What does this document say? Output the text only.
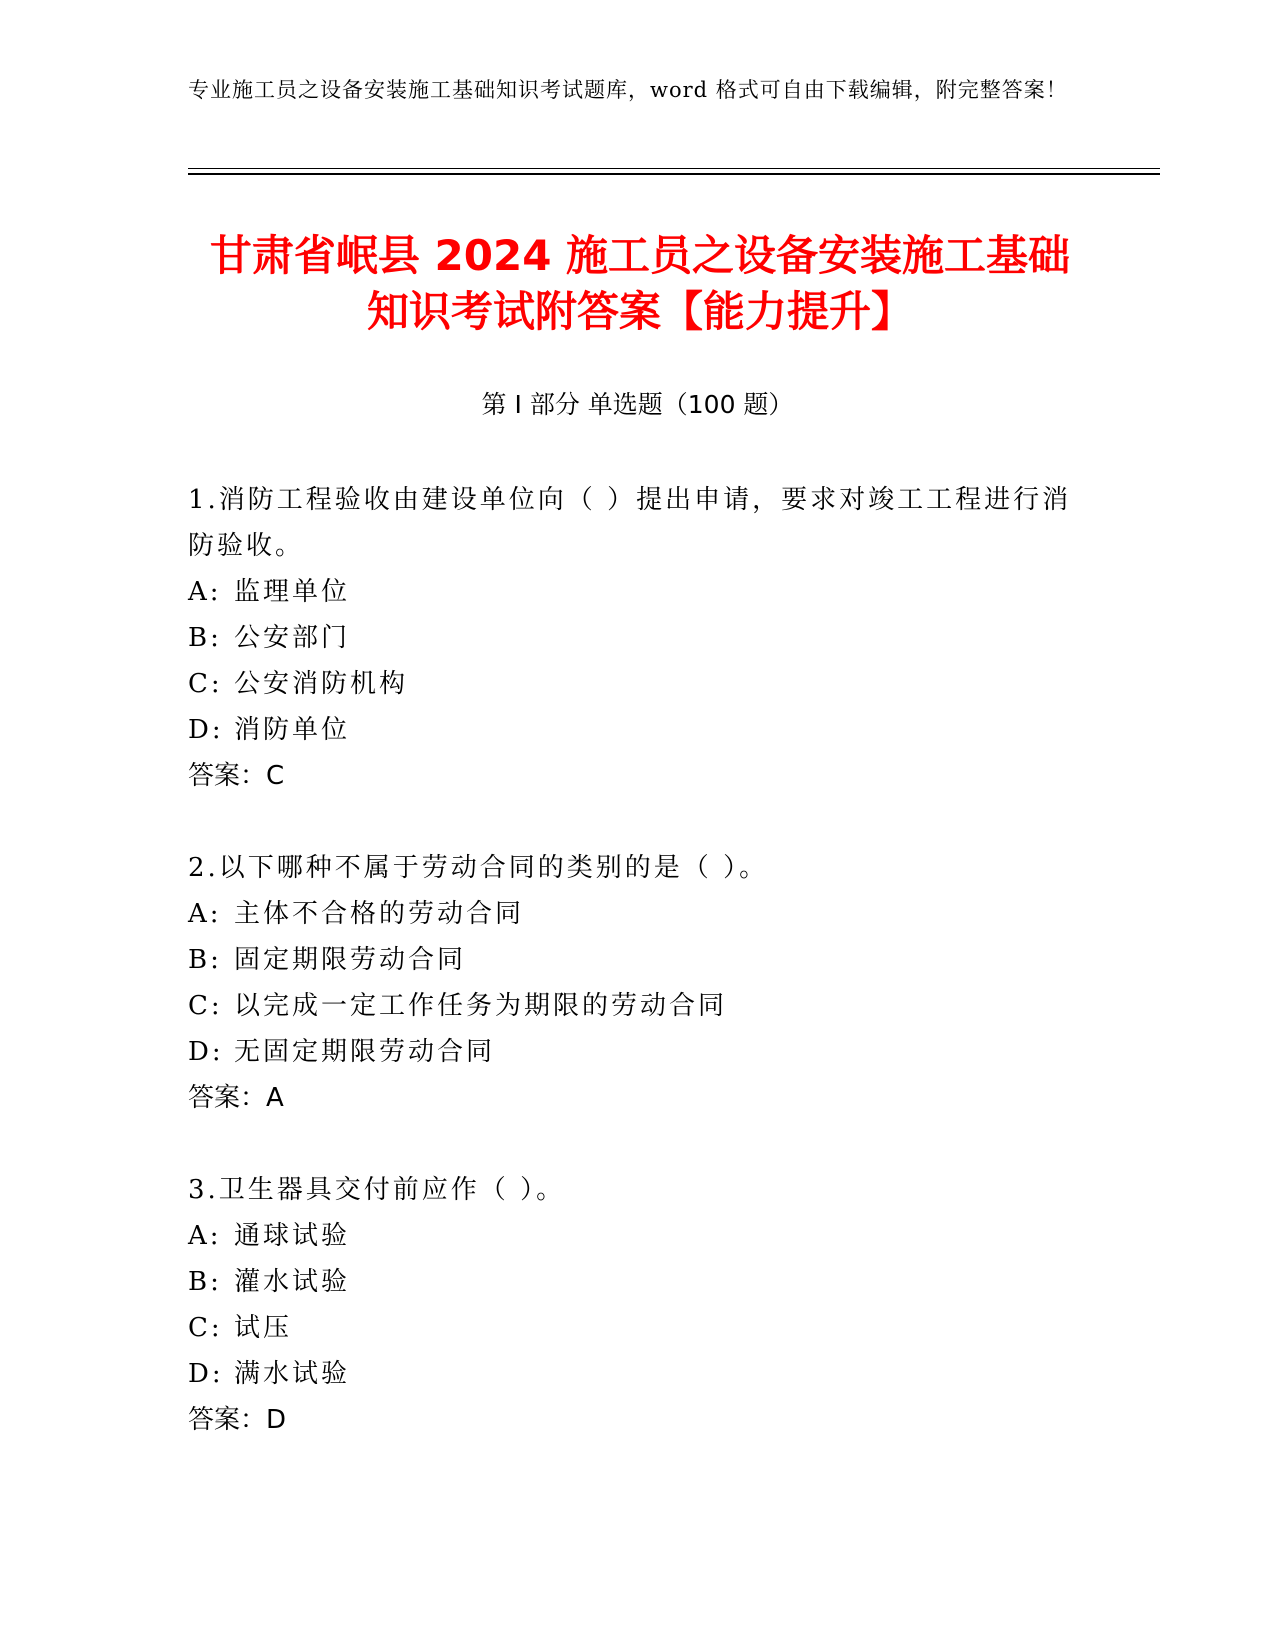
专业施工员之设备安装施工基础知识考试题库，word 格式可自由下载编辑，附完整答案！
甘肃省岷县 2024 施工员之设备安装施工基础
知识考试附答案【能力提升】
第 I 部分 单选题（100 题）

1.消防工程验收由建设单位向（ ）提出申请，要求对竣工工程进行消防验收。

A: 监理单位

B: 公安部门

C: 公安消防机构

D: 消防单位

答案：C

2.以下哪种不属于劳动合同的类别的是（ ）。

A: 主体不合格的劳动合同

B: 固定期限劳动合同

C: 以完成一定工作任务为期限的劳动合同

D: 无固定期限劳动合同

答案：A

3.卫生器具交付前应作（ ）。

A: 通球试验

B: 灌水试验

C: 试压

D: 满水试验

答案：D
